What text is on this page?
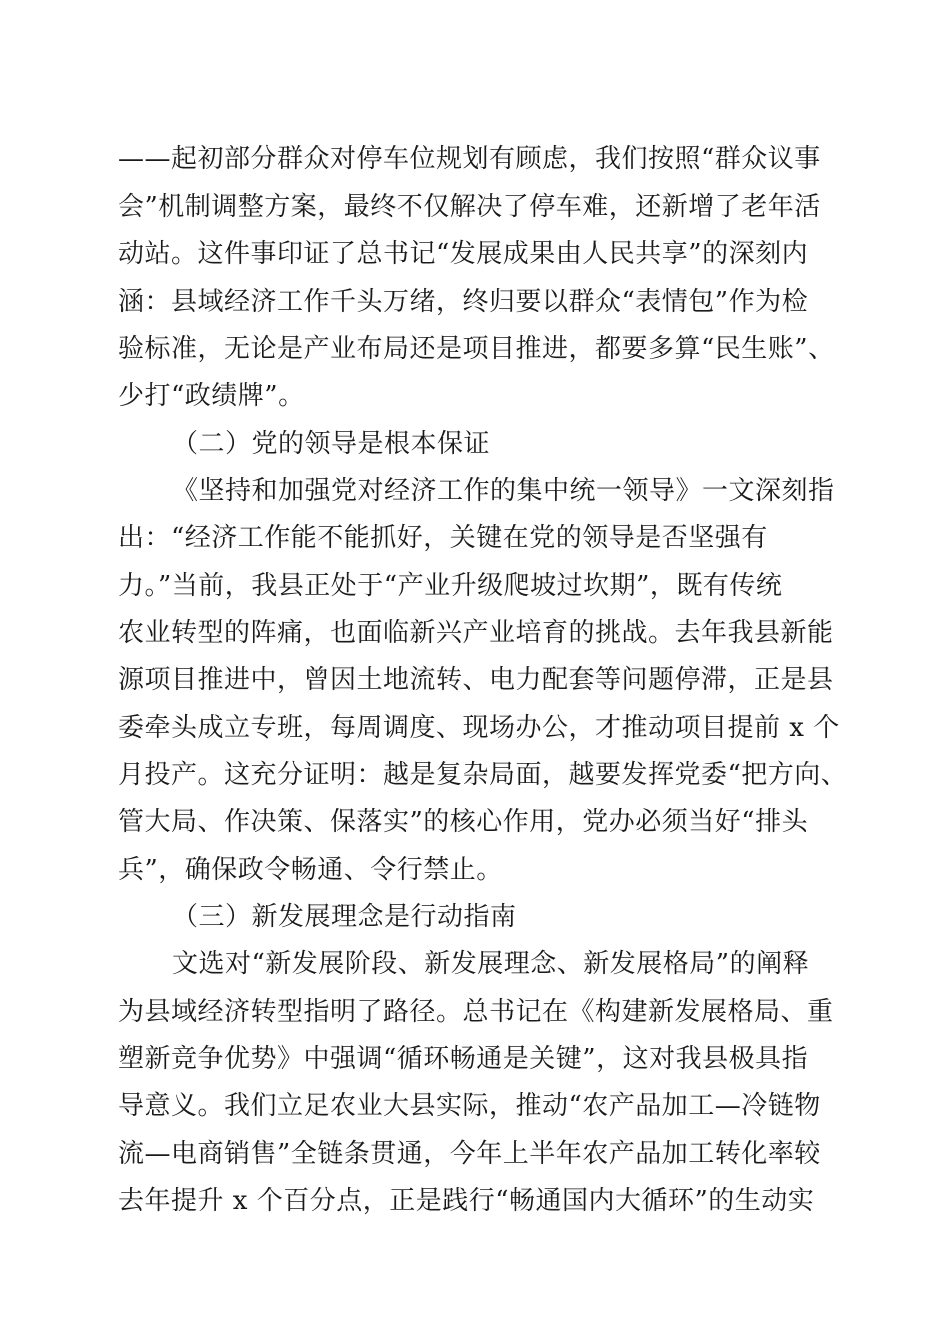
——起初部分群众对停车位规划有顾虑，我们按照“群众议事
会”机制调整方案，最终不仅解决了停车难，还新增了老年活
动站。这件事印证了总书记“发展成果由人民共享”的深刻内
涵：县域经济工作千头万绪，终归要以群众“表情包”作为检
验标准，无论是产业布局还是项目推进，都要多算“民生账”、
少打“政绩牌”。
（二）党的领导是根本保证
《坚持和加强党对经济工作的集中统一领导》一文深刻指
出：“经济工作能不能抓好，关键在党的领导是否坚强有
力。”当前，我县正处于“产业升级爬坡过坎期”，既有传统
农业转型的阵痛，也面临新兴产业培育的挑战。去年我县新能
源项目推进中，曾因土地流转、电力配套等问题停滞，正是县
委牵头成立专班，每周调度、现场办公，才推动项目提前 x 个
月投产。这充分证明：越是复杂局面，越要发挥党委“把方向、
管大局、作决策、保落实”的核心作用，党办必须当好“排头
兵”，确保政令畅通、令行禁止。
（三）新发展理念是行动指南
文选对“新发展阶段、新发展理念、新发展格局”的阐释
为县域经济转型指明了路径。总书记在《构建新发展格局、重
塑新竞争优势》中强调“循环畅通是关键”，这对我县极具指
导意义。我们立足农业大县实际，推动“农产品加工—冷链物
流—电商销售”全链条贯通，今年上半年农产品加工转化率较
去年提升 x 个百分点，正是践行“畅通国内大循环”的生动实
